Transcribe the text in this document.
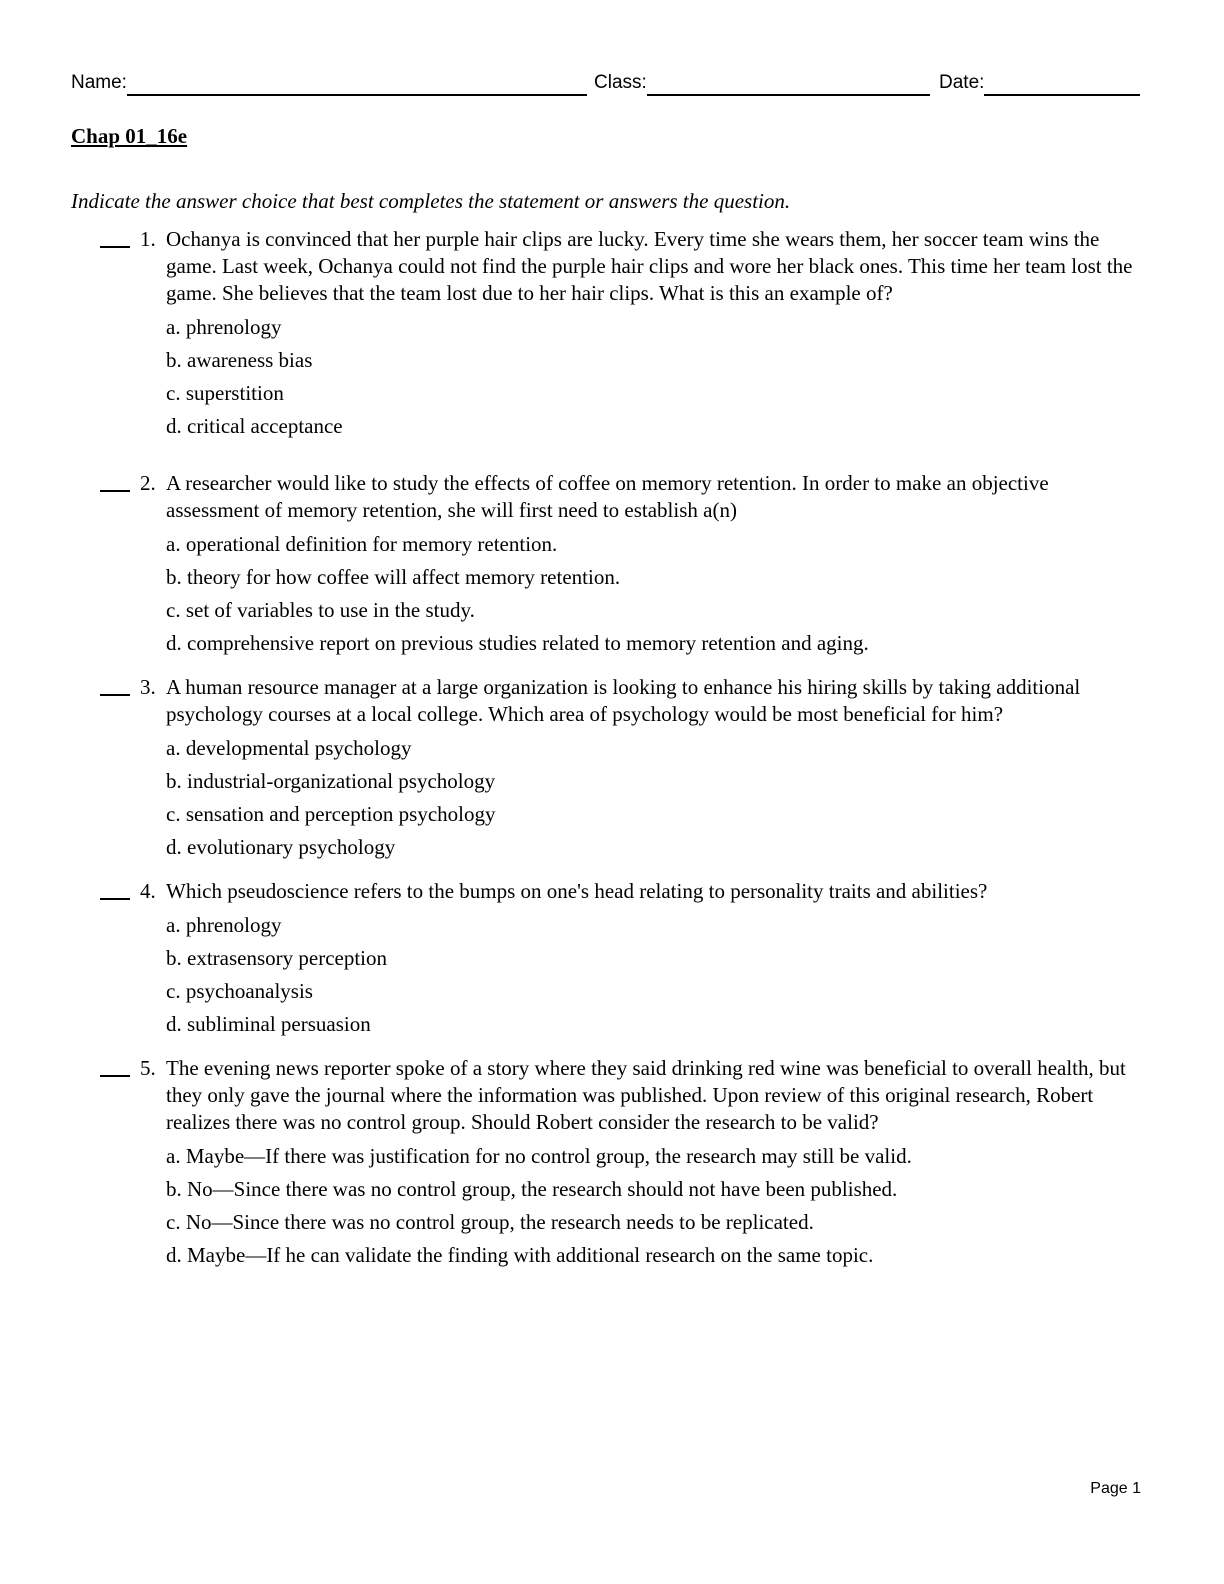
Name:	Class:	Date:
Chap 01_16e
Indicate the answer choice that best completes the statement or answers the question.
1. Ochanya is convinced that her purple hair clips are lucky. Every time she wears them, her soccer team wins the game. Last week, Ochanya could not find the purple hair clips and wore her black ones. This time her team lost the game. She believes that the team lost due to her hair clips. What is this an example of?
a. phrenology
b. awareness bias
c. superstition
d. critical acceptance
2. A researcher would like to study the effects of coffee on memory retention. In order to make an objective assessment of memory retention, she will first need to establish a(n)
a. operational definition for memory retention.
b. theory for how coffee will affect memory retention.
c. set of variables to use in the study.
d. comprehensive report on previous studies related to memory retention and aging.
3. A human resource manager at a large organization is looking to enhance his hiring skills by taking additional psychology courses at a local college. Which area of psychology would be most beneficial for him?
a. developmental psychology
b. industrial-organizational psychology
c. sensation and perception psychology
d. evolutionary psychology
4. Which pseudoscience refers to the bumps on one's head relating to personality traits and abilities?
a. phrenology
b. extrasensory perception
c. psychoanalysis
d. subliminal persuasion
5. The evening news reporter spoke of a story where they said drinking red wine was beneficial to overall health, but they only gave the journal where the information was published. Upon review of this original research, Robert realizes there was no control group. Should Robert consider the research to be valid?
a. Maybe—If there was justification for no control group, the research may still be valid.
b. No—Since there was no control group, the research should not have been published.
c. No—Since there was no control group, the research needs to be replicated.
d. Maybe—If he can validate the finding with additional research on the same topic.
Page 1
